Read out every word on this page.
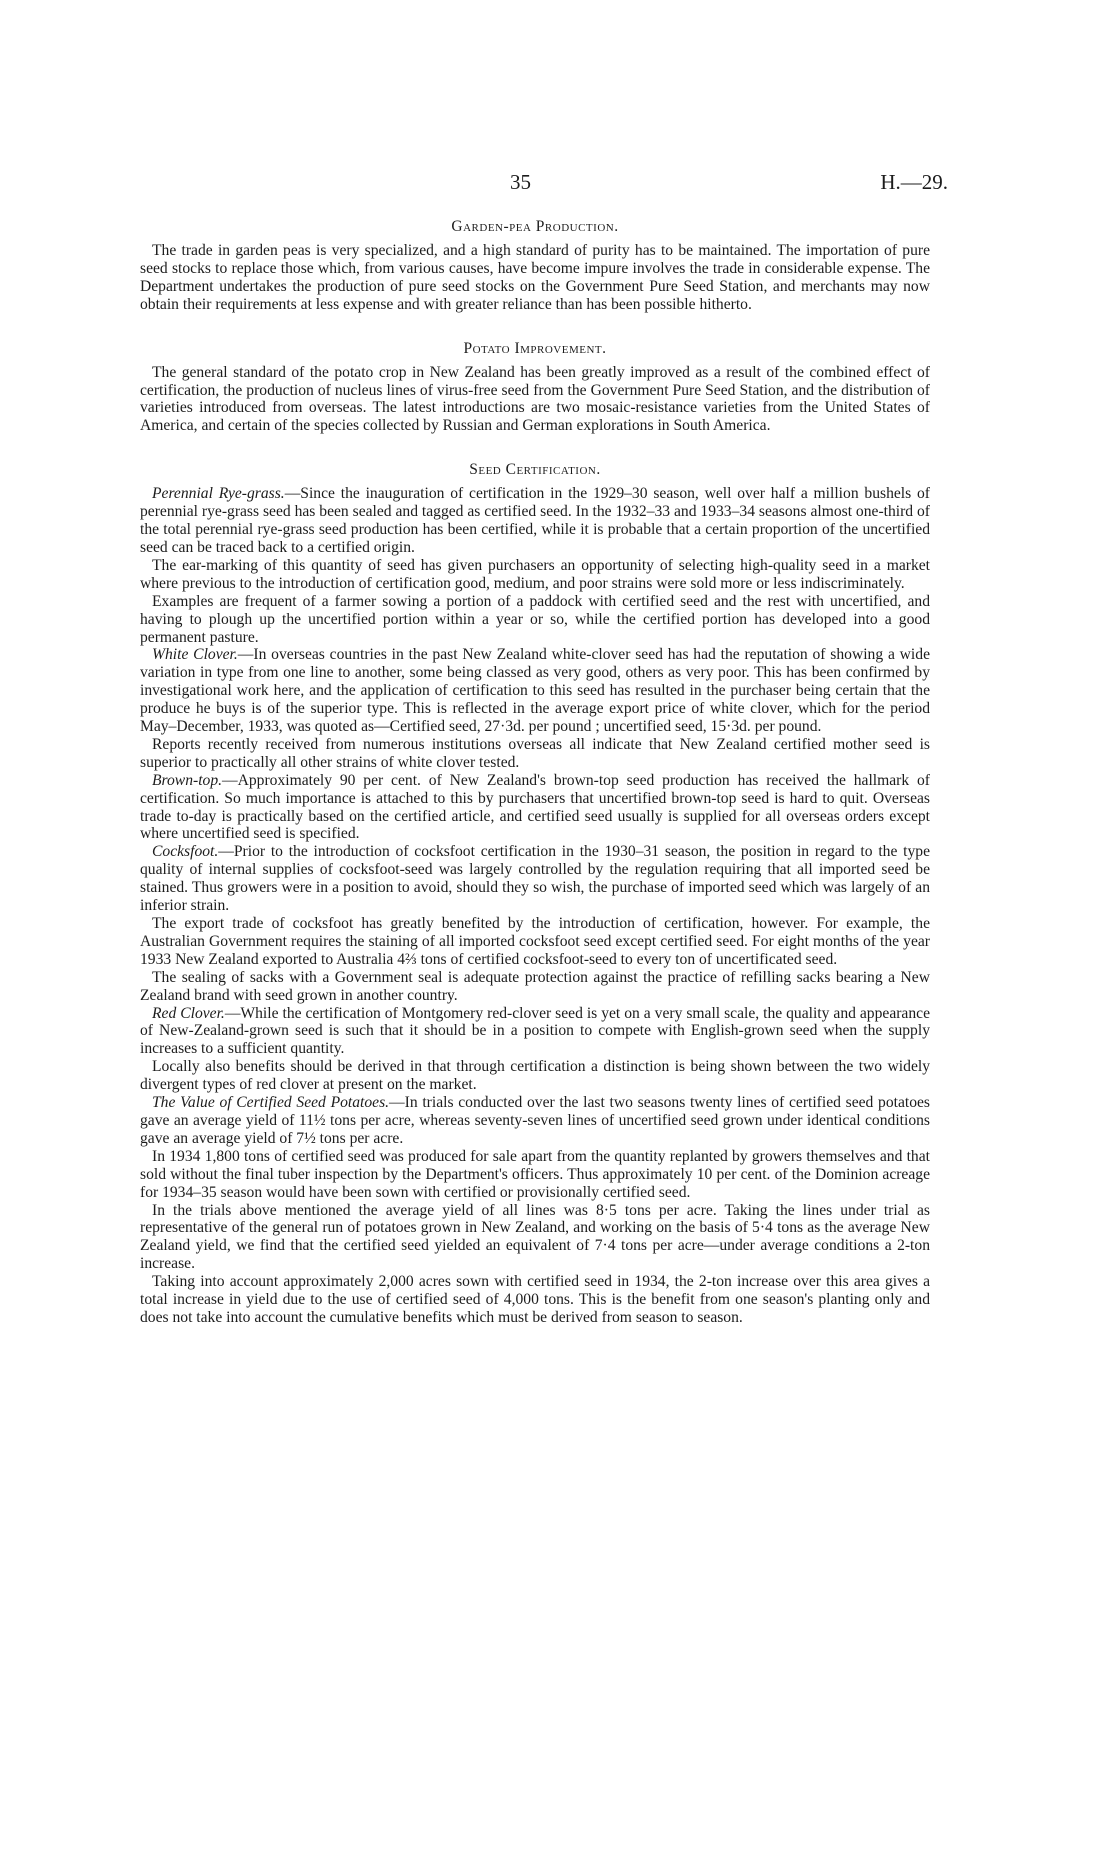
35	H.—29.
Garden-pea Production.

The trade in garden peas is very specialized, and a high standard of purity has to be maintained. The importation of pure seed stocks to replace those which, from various causes, have become impure involves the trade in considerable expense. The Department undertakes the production of pure seed stocks on the Government Pure Seed Station, and merchants may now obtain their requirements at less expense and with greater reliance than has been possible hitherto.

Potato Improvement.

The general standard of the potato crop in New Zealand has been greatly improved as a result of the combined effect of certification, the production of nucleus lines of virus-free seed from the Government Pure Seed Station, and the distribution of varieties introduced from overseas. The latest introductions are two mosaic-resistance varieties from the United States of America, and certain of the species collected by Russian and German explorations in South America.

Seed Certification.

Perennial Rye-grass.—Since the inauguration of certification in the 1929–30 season, well over half a million bushels of perennial rye-grass seed has been sealed and tagged as certified seed. In the 1932–33 and 1933–34 seasons almost one-third of the total perennial rye-grass seed production has been certified, while it is probable that a certain proportion of the uncertified seed can be traced back to a certified origin.

The ear-marking of this quantity of seed has given purchasers an opportunity of selecting high-quality seed in a market where previous to the introduction of certification good, medium, and poor strains were sold more or less indiscriminately.

Examples are frequent of a farmer sowing a portion of a paddock with certified seed and the rest with uncertified, and having to plough up the uncertified portion within a year or so, while the certified portion has developed into a good permanent pasture.

White Clover.—In overseas countries in the past New Zealand white-clover seed has had the reputation of showing a wide variation in type from one line to another, some being classed as very good, others as very poor. This has been confirmed by investigational work here, and the application of certification to this seed has resulted in the purchaser being certain that the produce he buys is of the superior type. This is reflected in the average export price of white clover, which for the period May–December, 1933, was quoted as—Certified seed, 27·3d. per pound ; uncertified seed, 15·3d. per pound.

Reports recently received from numerous institutions overseas all indicate that New Zealand certified mother seed is superior to practically all other strains of white clover tested.

Brown-top.—Approximately 90 per cent. of New Zealand's brown-top seed production has received the hallmark of certification. So much importance is attached to this by purchasers that uncertified brown-top seed is hard to quit. Overseas trade to-day is practically based on the certified article, and certified seed usually is supplied for all overseas orders except where uncertified seed is specified.

Cocksfoot.—Prior to the introduction of cocksfoot certification in the 1930–31 season, the position in regard to the type quality of internal supplies of cocksfoot-seed was largely controlled by the regulation requiring that all imported seed be stained. Thus growers were in a position to avoid, should they so wish, the purchase of imported seed which was largely of an inferior strain.

The export trade of cocksfoot has greatly benefited by the introduction of certification, however. For example, the Australian Government requires the staining of all imported cocksfoot seed except certified seed. For eight months of the year 1933 New Zealand exported to Australia 4⅔ tons of certified cocksfoot-seed to every ton of uncertificated seed.

The sealing of sacks with a Government seal is adequate protection against the practice of refilling sacks bearing a New Zealand brand with seed grown in another country.

Red Clover.—While the certification of Montgomery red-clover seed is yet on a very small scale, the quality and appearance of New-Zealand-grown seed is such that it should be in a position to compete with English-grown seed when the supply increases to a sufficient quantity.

Locally also benefits should be derived in that through certification a distinction is being shown between the two widely divergent types of red clover at present on the market.

The Value of Certified Seed Potatoes.—In trials conducted over the last two seasons twenty lines of certified seed potatoes gave an average yield of 11½ tons per acre, whereas seventy-seven lines of uncertified seed grown under identical conditions gave an average yield of 7½ tons per acre.

In 1934 1,800 tons of certified seed was produced for sale apart from the quantity replanted by growers themselves and that sold without the final tuber inspection by the Department's officers. Thus approximately 10 per cent. of the Dominion acreage for 1934–35 season would have been sown with certified or provisionally certified seed.

In the trials above mentioned the average yield of all lines was 8·5 tons per acre. Taking the lines under trial as representative of the general run of potatoes grown in New Zealand, and working on the basis of 5·4 tons as the average New Zealand yield, we find that the certified seed yielded an equivalent of 7·4 tons per acre—under average conditions a 2-ton increase.

Taking into account approximately 2,000 acres sown with certified seed in 1934, the 2-ton increase over this area gives a total increase in yield due to the use of certified seed of 4,000 tons. This is the benefit from one season's planting only and does not take into account the cumulative benefits which must be derived from season to season.
